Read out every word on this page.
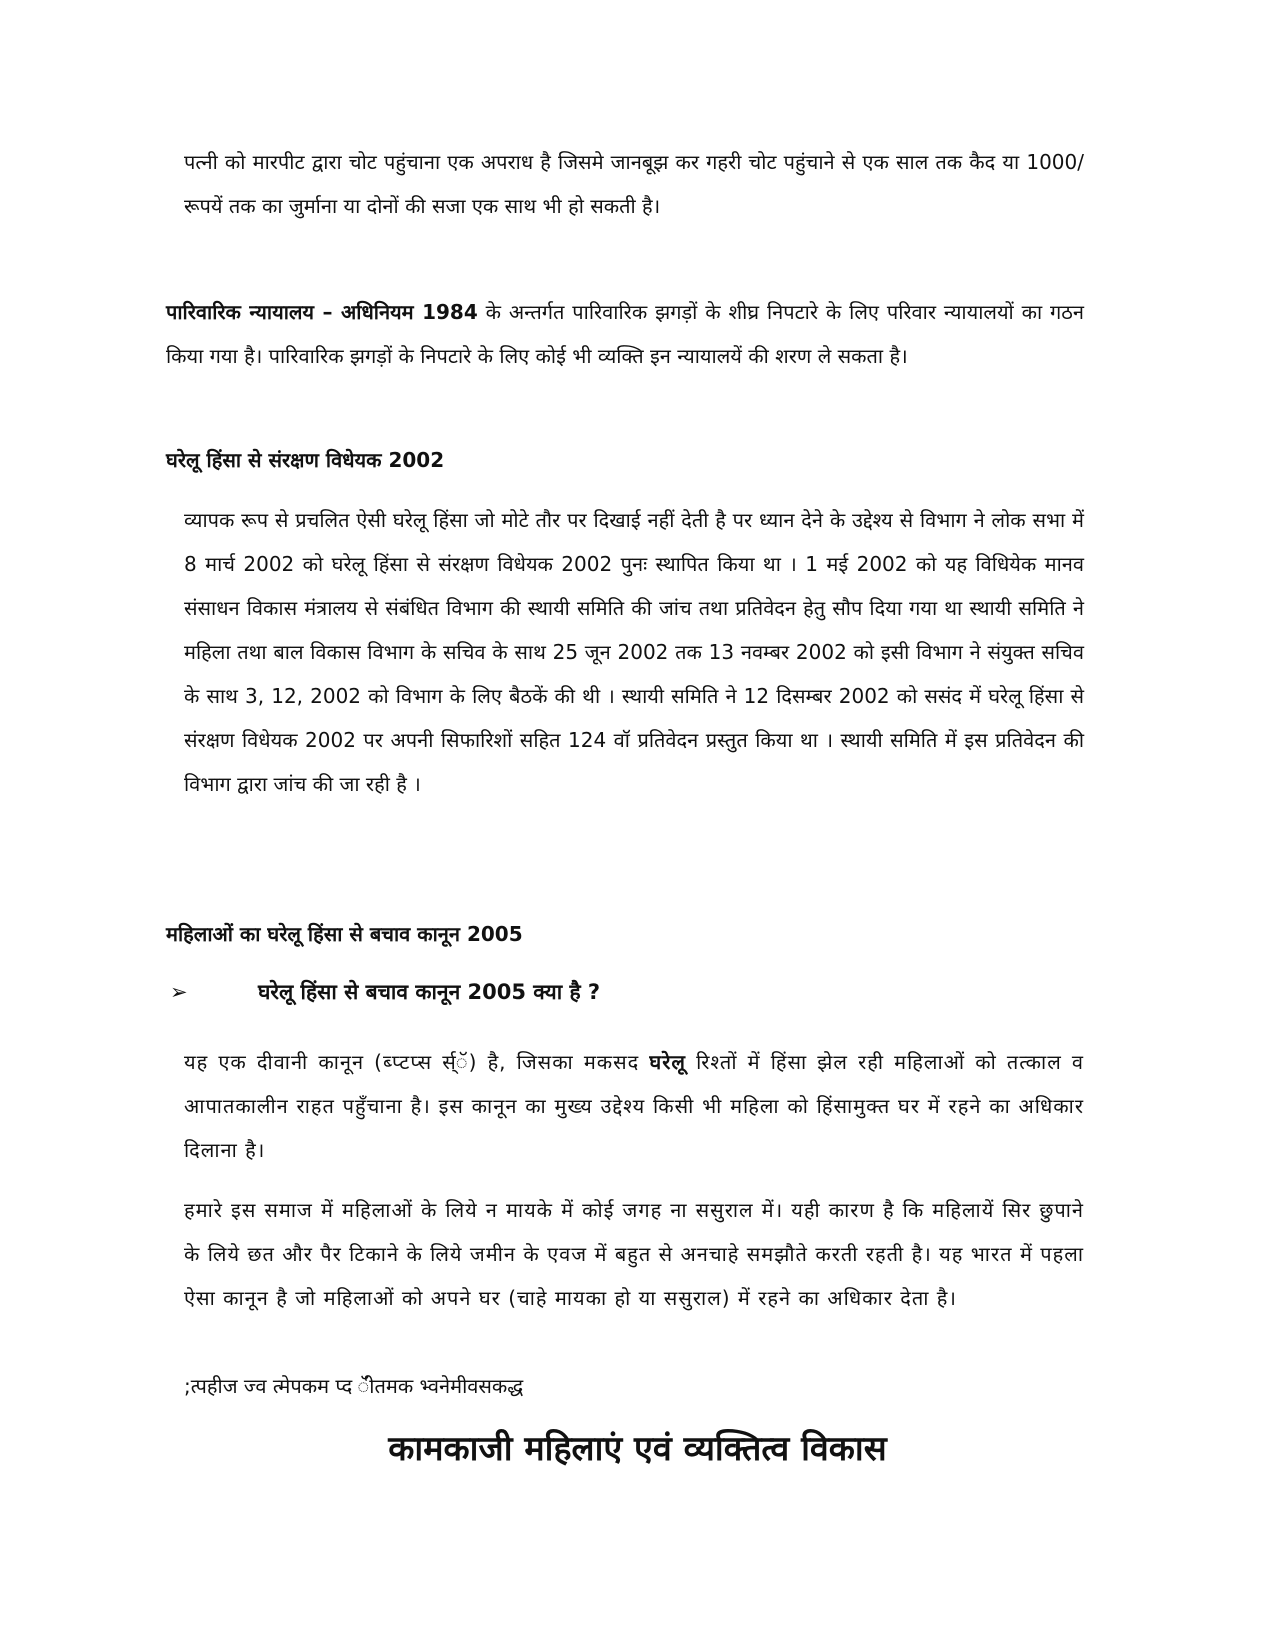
पत्नी को मारपीट द्वारा चोट पहुंचाना एक अपराध है जिसमे जानबूझ कर गहरी चोट पहुंचाने से एक साल तक कैद या 1000/ रूपयें तक का जुर्माना या दोनों की सजा एक साथ भी हो सकती है।

पारिवारिक न्यायालय – अधिनियम 1984 के अन्तर्गत पारिवारिक झगड़ों के शीघ्र निपटारे के लिए परिवार न्यायालयों का गठन किया गया है। पारिवारिक झगड़ों के निपटारे के लिए कोई भी व्यक्ति इन न्यायालयें की शरण ले सकता है।

घरेलू हिंसा से संरक्षण विधेयक 2002

व्यापक रूप से प्रचलित ऐसी घरेलू हिंसा जो मोटे तौर पर दिखाई नहीं देती है पर ध्यान देने के उद्देश्य से विभाग ने लोक सभा में 8 मार्च 2002 को घरेलू हिंसा से संरक्षण विधेयक 2002 पुनः स्थापित किया था । 1 मई 2002 को यह विधियेक मानव संसाधन विकास मंत्रालय से संबंधित विभाग की स्थायी समिति की जांच तथा प्रतिवेदन हेतु सौप दिया गया था स्थायी समिति ने महिला तथा बाल विकास विभाग के सचिव के साथ 25 जून 2002 तक 13 नवम्बर 2002 को इसी विभाग ने संयुक्त सचिव के साथ 3, 12, 2002 को विभाग के लिए बैठकें की थी । स्थायी समिति ने 12 दिसम्बर 2002 को ससंद में घरेलू हिंसा से संरक्षण विधेयक 2002 पर अपनी सिफारिशों सहित 124 वॉ प्रतिवेदन प्रस्तुत किया था । स्थायी समिति में इस प्रतिवेदन की विभाग द्वारा जांच की जा रही है ।

महिलाओं का घरेलू हिंसा से बचाव कानून 2005
➢	घरेलू हिंसा से बचाव कानून 2005 क्या है ?

यह एक दीवानी कानून (ब्प्टप्स र्स्ॅ) है, जिसका मकसद घरेलू रिश्तों में हिंसा झेल रही महिलाओं को तत्काल व आपातकालीन राहत पहुँचाना है। इस कानून का मुख्य उद्देश्य किसी भी महिला को हिंसामुक्त घर में रहने का अधिकार दिलाना है।

हमारे इस समाज में महिलाओं के लिये न मायके में कोई जगह ना ससुराल में। यही कारण है कि महिलायें सिर छुपाने के लिये छत और पैर टिकाने के लिये जमीन के एवज में बहुत से अनचाहे समझौते करती रहती है। यह भारत में पहला ऐसा कानून है जो महिलाओं को अपने घर (चाहे मायका हो या ससुराल) में रहने का अधिकार देता है।

;त्पहीज ज्व त्मेपकम प्द ॅीतमक भ्वनेमीवसकद्ध
कामकाजी महिलाएं एवं व्यक्तित्व विकास
